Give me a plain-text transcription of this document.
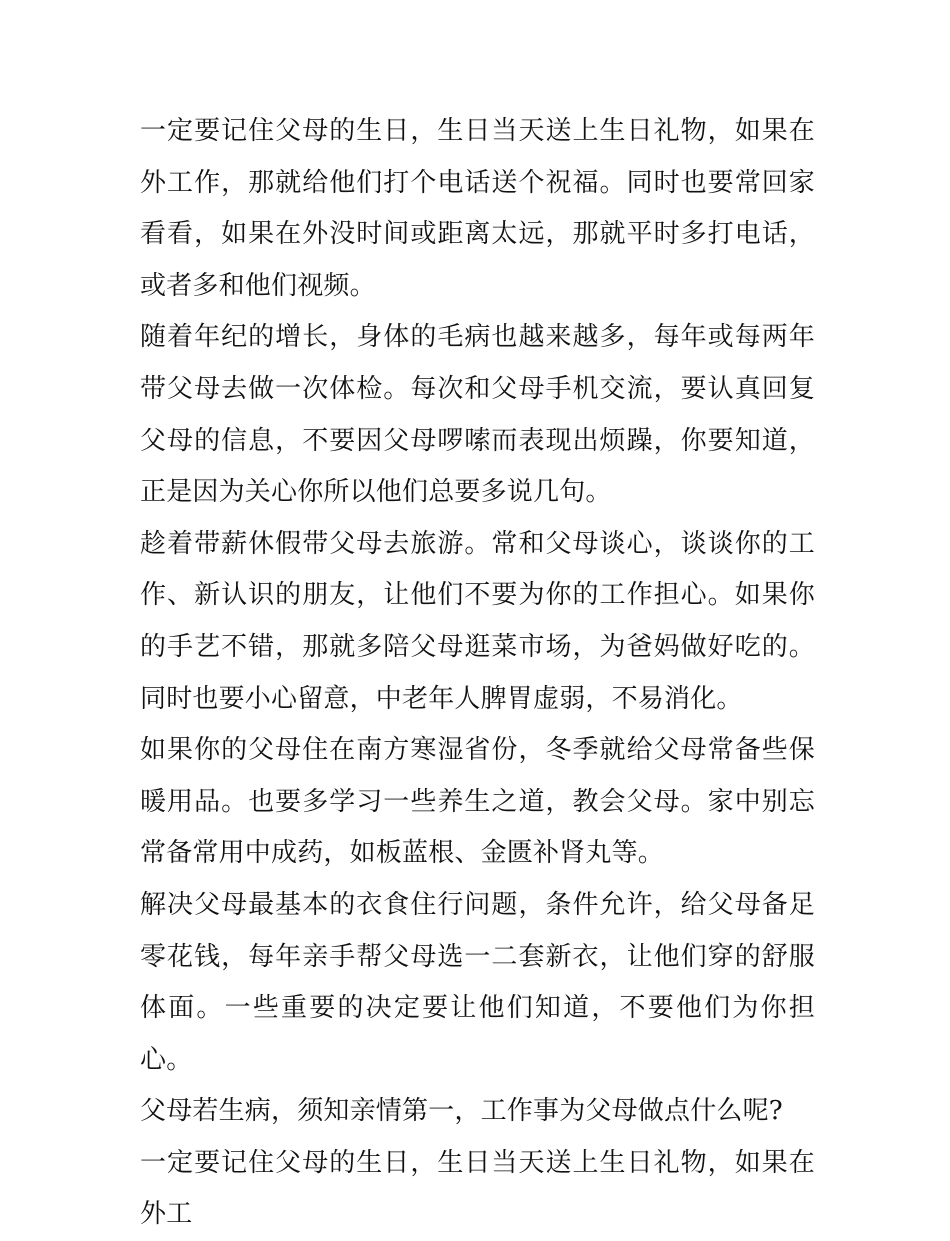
一定要记住父母的生日，生日当天送上生日礼物，如果在外工作，那就给他们打个电话送个祝福。同时也要常回家看看，如果在外没时间或距离太远，那就平时多打电话，或者多和他们视频。

随着年纪的增长，身体的毛病也越来越多，每年或每两年带父母去做一次体检。每次和父母手机交流，要认真回复父母的信息，不要因父母啰嗦而表现出烦躁，你要知道，正是因为关心你所以他们总要多说几句。

趁着带薪休假带父母去旅游。常和父母谈心，谈谈你的工作、新认识的朋友，让他们不要为你的工作担心。如果你的手艺不错，那就多陪父母逛菜市场，为爸妈做好吃的。同时也要小心留意，中老年人脾胃虚弱，不易消化。

如果你的父母住在南方寒湿省份，冬季就给父母常备些保暖用品。也要多学习一些养生之道，教会父母。家中别忘常备常用中成药，如板蓝根、金匮补肾丸等。

解决父母最基本的衣食住行问题，条件允许，给父母备足零花钱，每年亲手帮父母选一二套新衣，让他们穿的舒服体面。一些重要的决定要让他们知道，不要他们为你担心。

父母若生病，须知亲情第一，工作事为父母做点什么呢?

一定要记住父母的生日，生日当天送上生日礼物，如果在外工
